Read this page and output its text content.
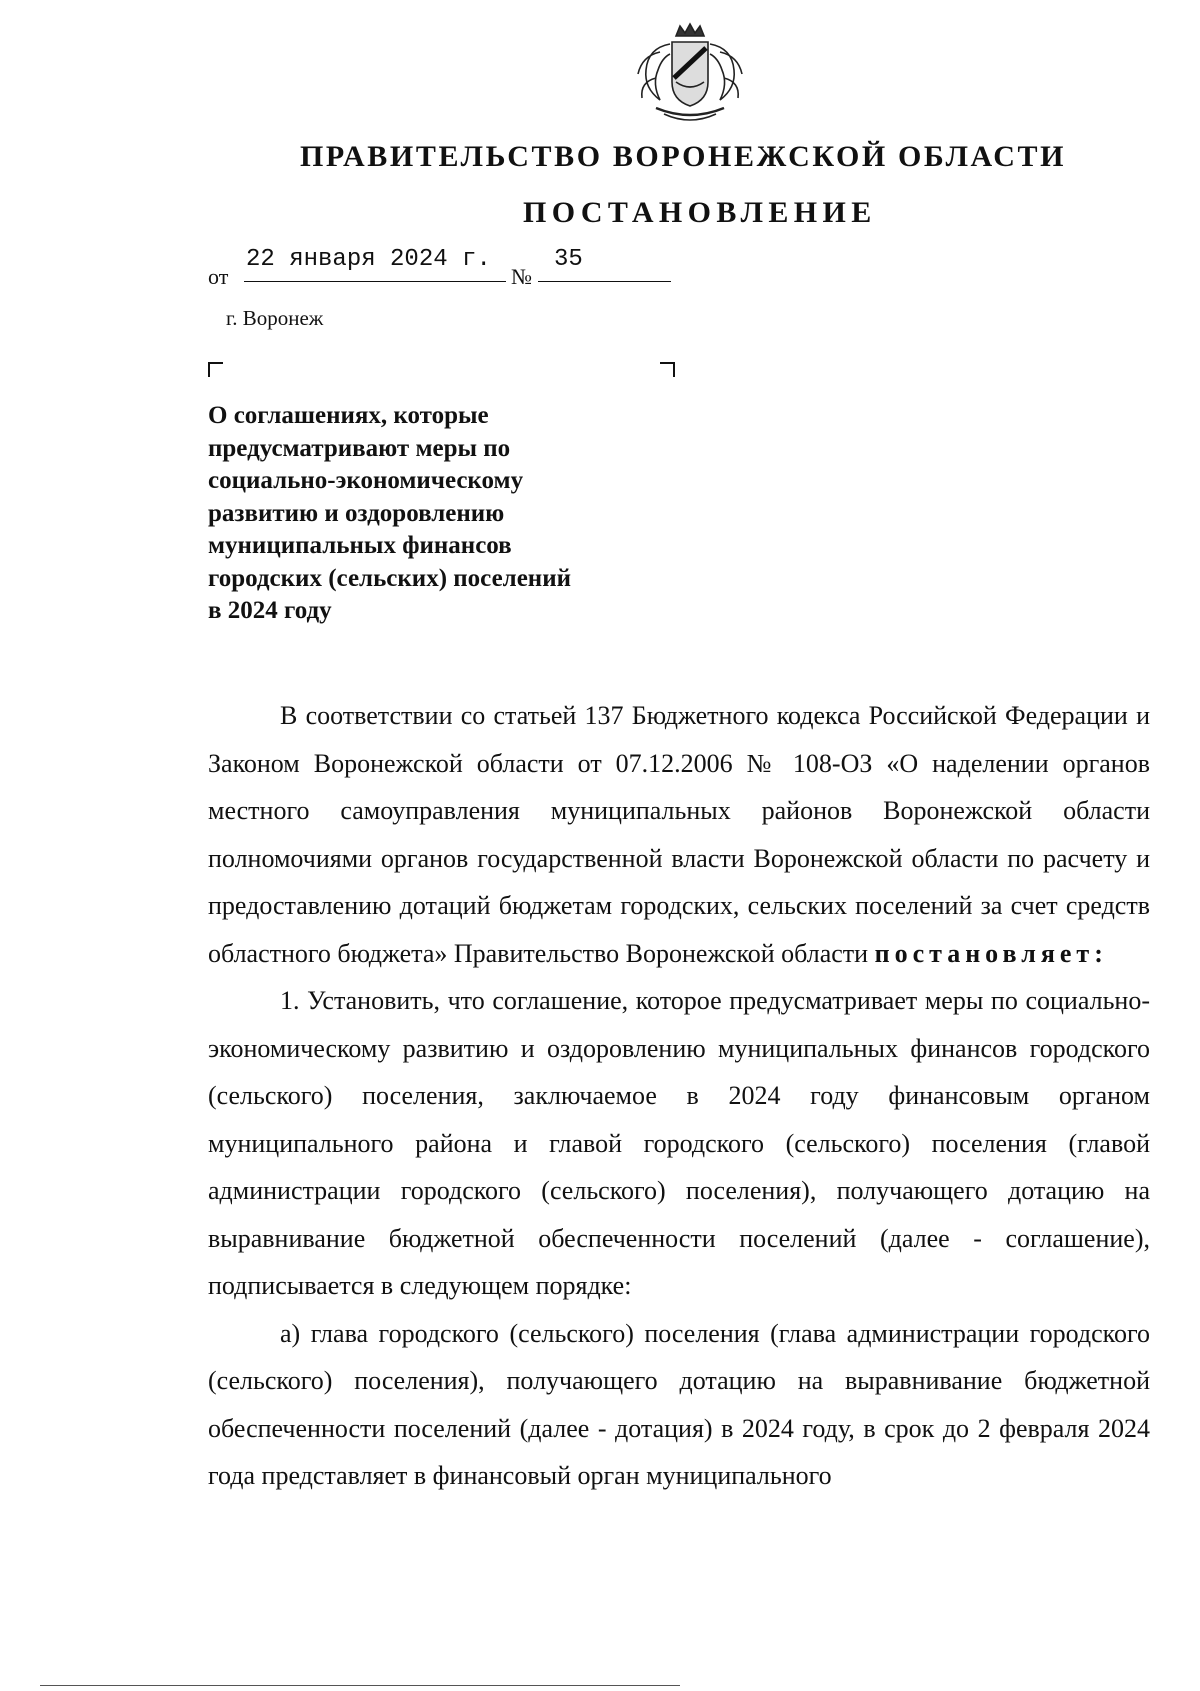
ПРАВИТЕЛЬСТВО ВОРОНЕЖСКОЙ ОБЛАСТИ
ПОСТАНОВЛЕНИЕ
от
22 января 2024 г.
№
35
г. Воронеж
О соглашениях, которые
предусматривают меры по
социально-экономическому
развитию и оздоровлению
муниципальных финансов
городских (сельских) поселений
в 2024 году

В соответствии со статьей 137 Бюджетного кодекса Российской Федерации и Законом Воронежской области от 07.12.2006 № 108-ОЗ «О наделении органов местного самоуправления муниципальных районов Воронежской области полномочиями органов государственной власти Воронежской области по расчету и предоставлению дотаций бюджетам городских, сельских поселений за счет средств областного бюджета» Правительство Воронежской области постановляет:

1. Установить, что соглашение, которое предусматривает меры по социально-экономическому развитию и оздоровлению муниципальных финансов городского (сельского) поселения, заключаемое в 2024 году финансовым органом муниципального района и главой городского (сельского) поселения (главой администрации городского (сельского) поселения), получающего дотацию на выравнивание бюджетной обеспеченности поселений (далее - соглашение), подписывается в следующем порядке:

а) глава городского (сельского) поселения (глава администрации городского (сельского) поселения), получающего дотацию на выравнивание бюджетной обеспеченности поселений (далее - дотация) в 2024 году, в срок до 2 февраля 2024 года представляет в финансовый орган муниципального
